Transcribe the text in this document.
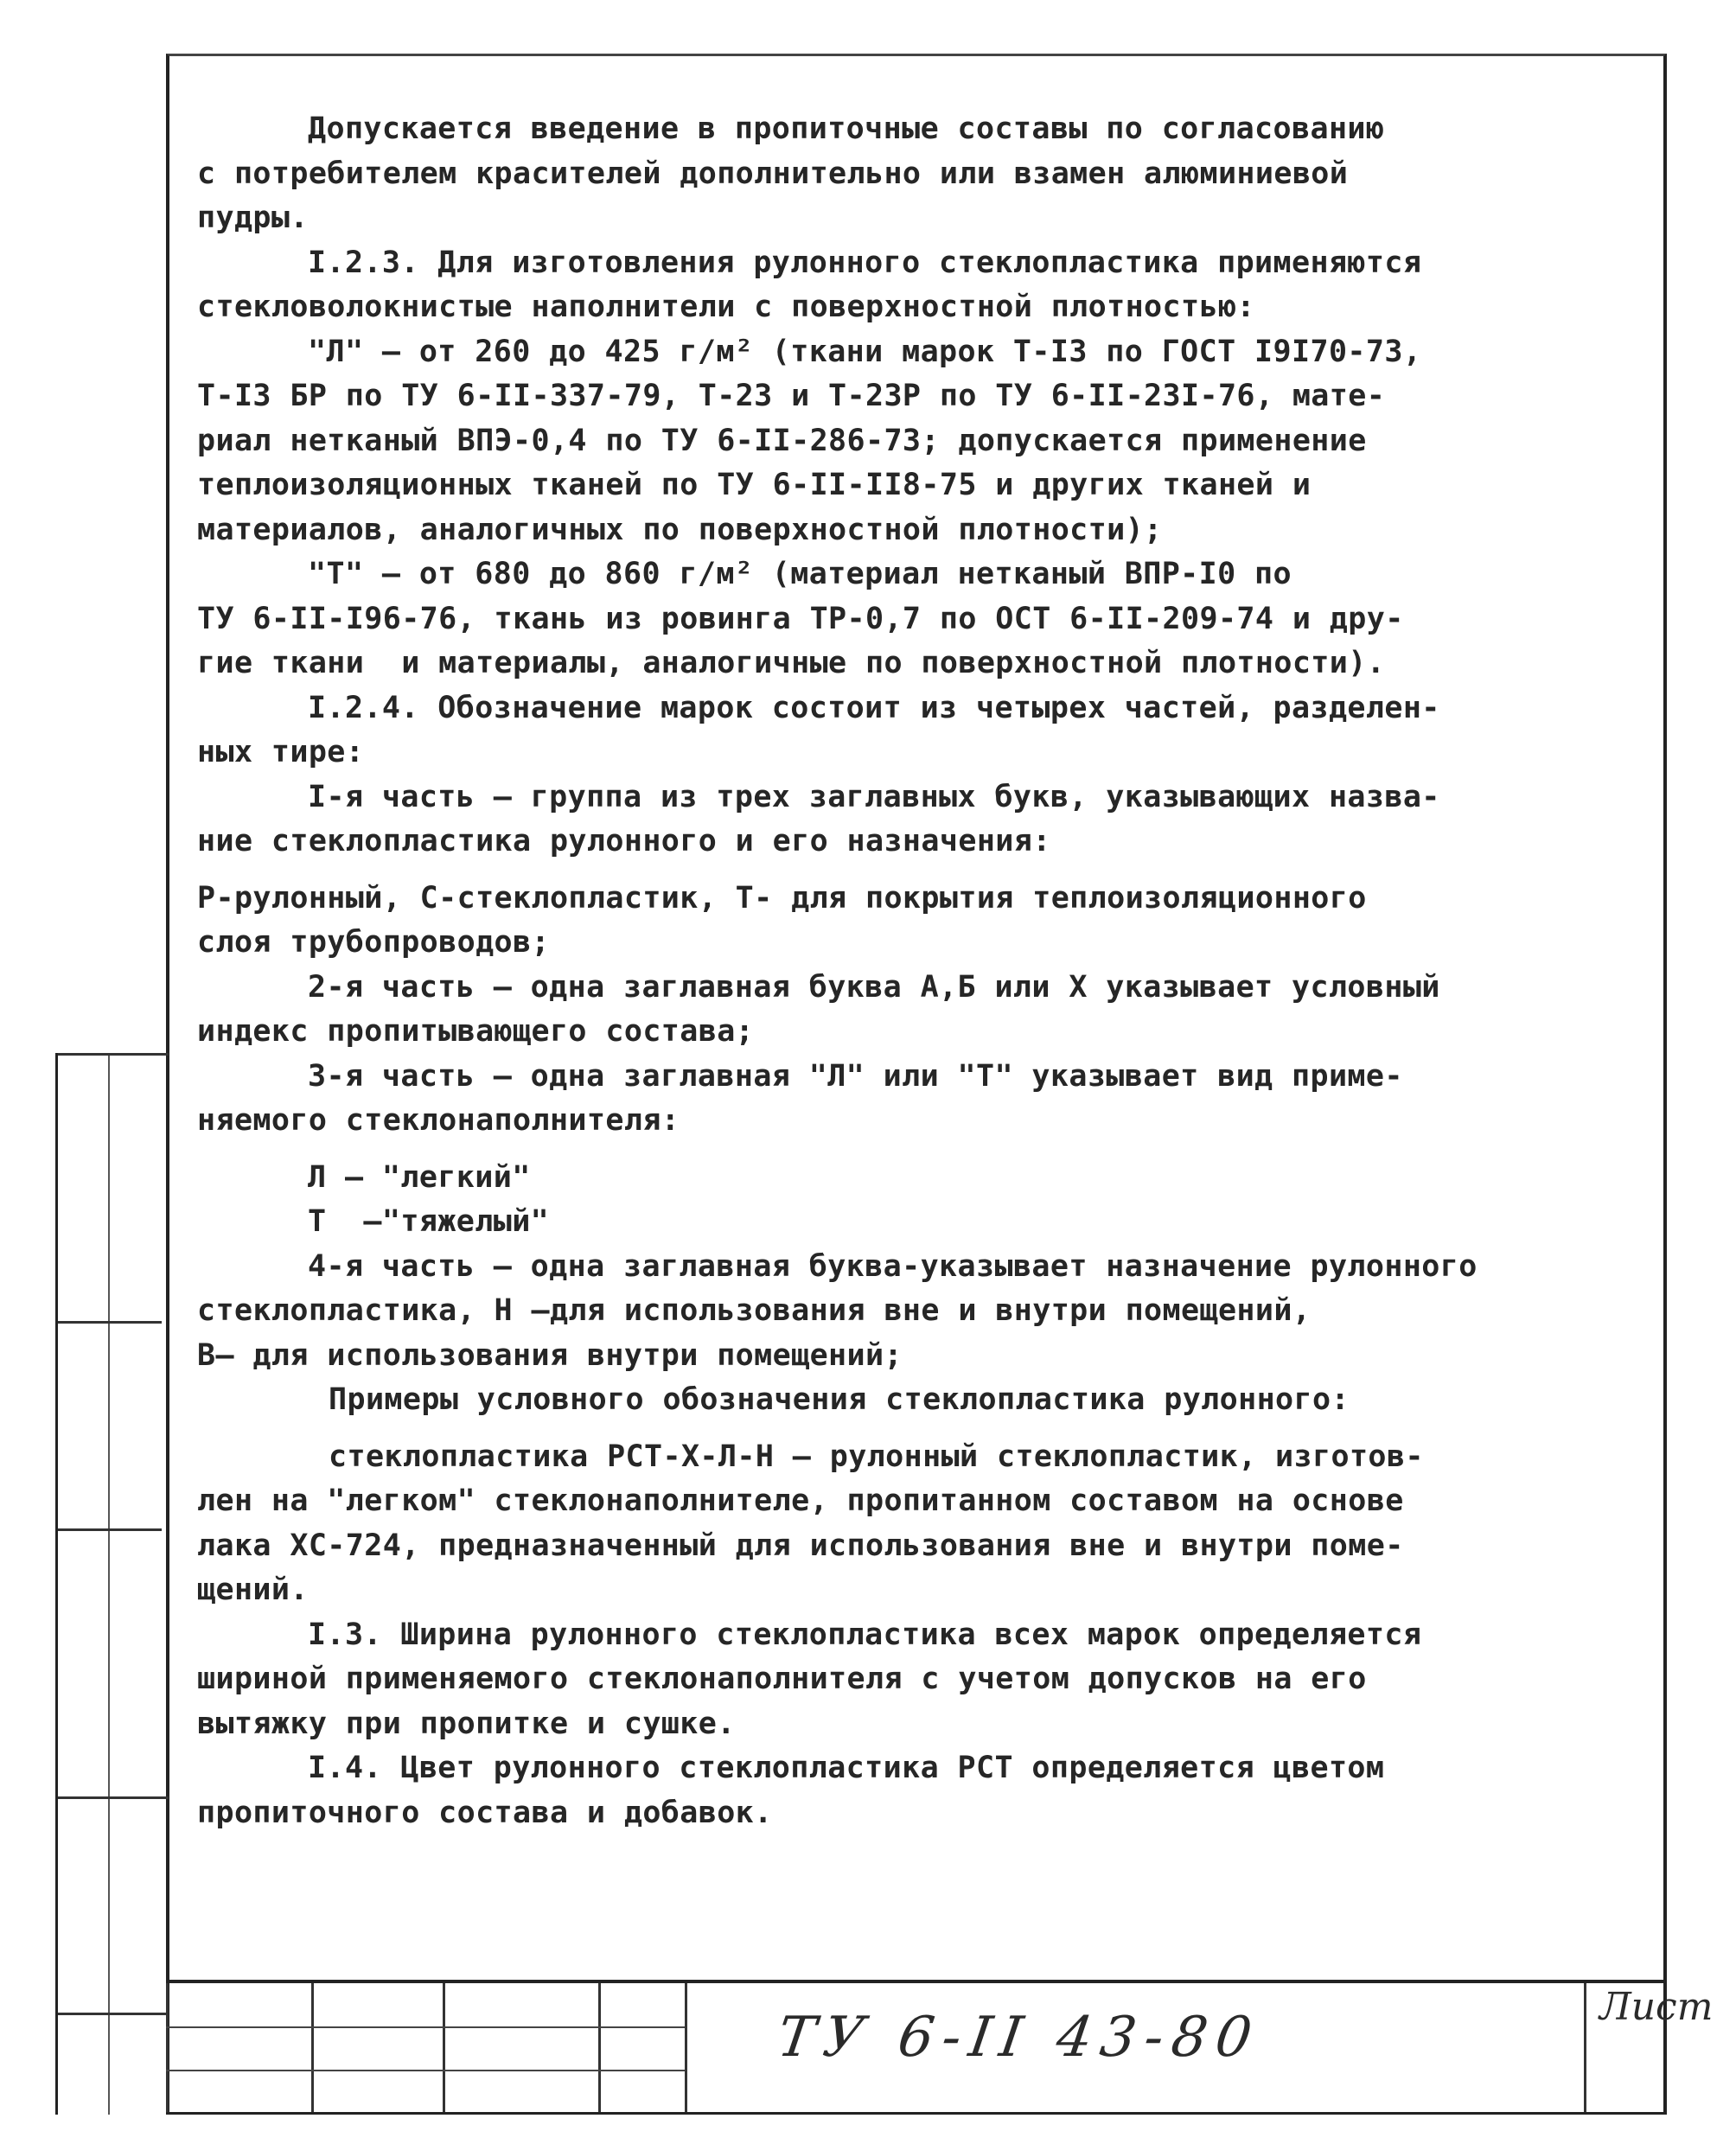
Допускается введение в пропиточные составы по согласованию

с потребителем красителей дополнительно или взамен алюминиевой

пудры.

I.2.3. Для изготовления рулонного стеклопластика применяются

стекловолокнистые наполнители с поверхностной плотностью:

"Л" – от 260 до 425 г/м² (ткани марок Т-I3 по ГОСТ I9I70-73,

Т-I3 БР по ТУ 6-II-337-79, Т-23 и Т-23Р по ТУ 6-II-23I-76, мате-

риал нетканый ВПЭ-0,4 по ТУ 6-II-286-73; допускается применение

теплоизоляционных тканей по ТУ 6-II-II8-75 и других тканей и

материалов, аналогичных по поверхностной плотности);

"Т" – от 680 до 860 г/м² (материал нетканый ВПР-I0 по

ТУ 6-II-I96-76, ткань из ровинга ТР-0,7 по ОСТ 6-II-209-74 и дру-

гие ткани  и материалы, аналогичные по поверхностной плотности).

I.2.4. Обозначение марок состоит из четырех частей, разделен-

ных тире:

I-я часть – группа из трех заглавных букв, указывающих назва-

ние стеклопластика рулонного и его назначения:

Р-рулонный, С-стеклопластик, Т- для покрытия теплоизоляционного

слоя трубопроводов;

2-я часть – одна заглавная буква А,Б или Х указывает условный

индекс пропитывающего состава;

3-я часть – одна заглавная "Л" или "Т" указывает вид приме-

няемого стеклонаполнителя:

Л – "легкий"

Т  –"тяжелый"

4-я часть – одна заглавная буква-указывает назначение рулонного

стеклопластика, Н –для использования вне и внутри помещений,

В– для использования внутри помещений;

Примеры условного обозначения стеклопластика рулонного:

стеклопластика РСТ-Х-Л-Н – рулонный стеклопластик, изготов-

лен на "легком" стеклонаполнителе, пропитанном составом на основе

лака ХС-724, предназначенный для использования вне и внутри поме-

щений.

I.3. Ширина рулонного стеклопластика всех марок определяется

шириной применяемого стеклонаполнителя с учетом допусков на его

вытяжку при пропитке и сушке.

I.4. Цвет рулонного стеклопластика РСТ определяется цветом

пропиточного состава и добавок.

ТУ 6-II 43-80	Лист
